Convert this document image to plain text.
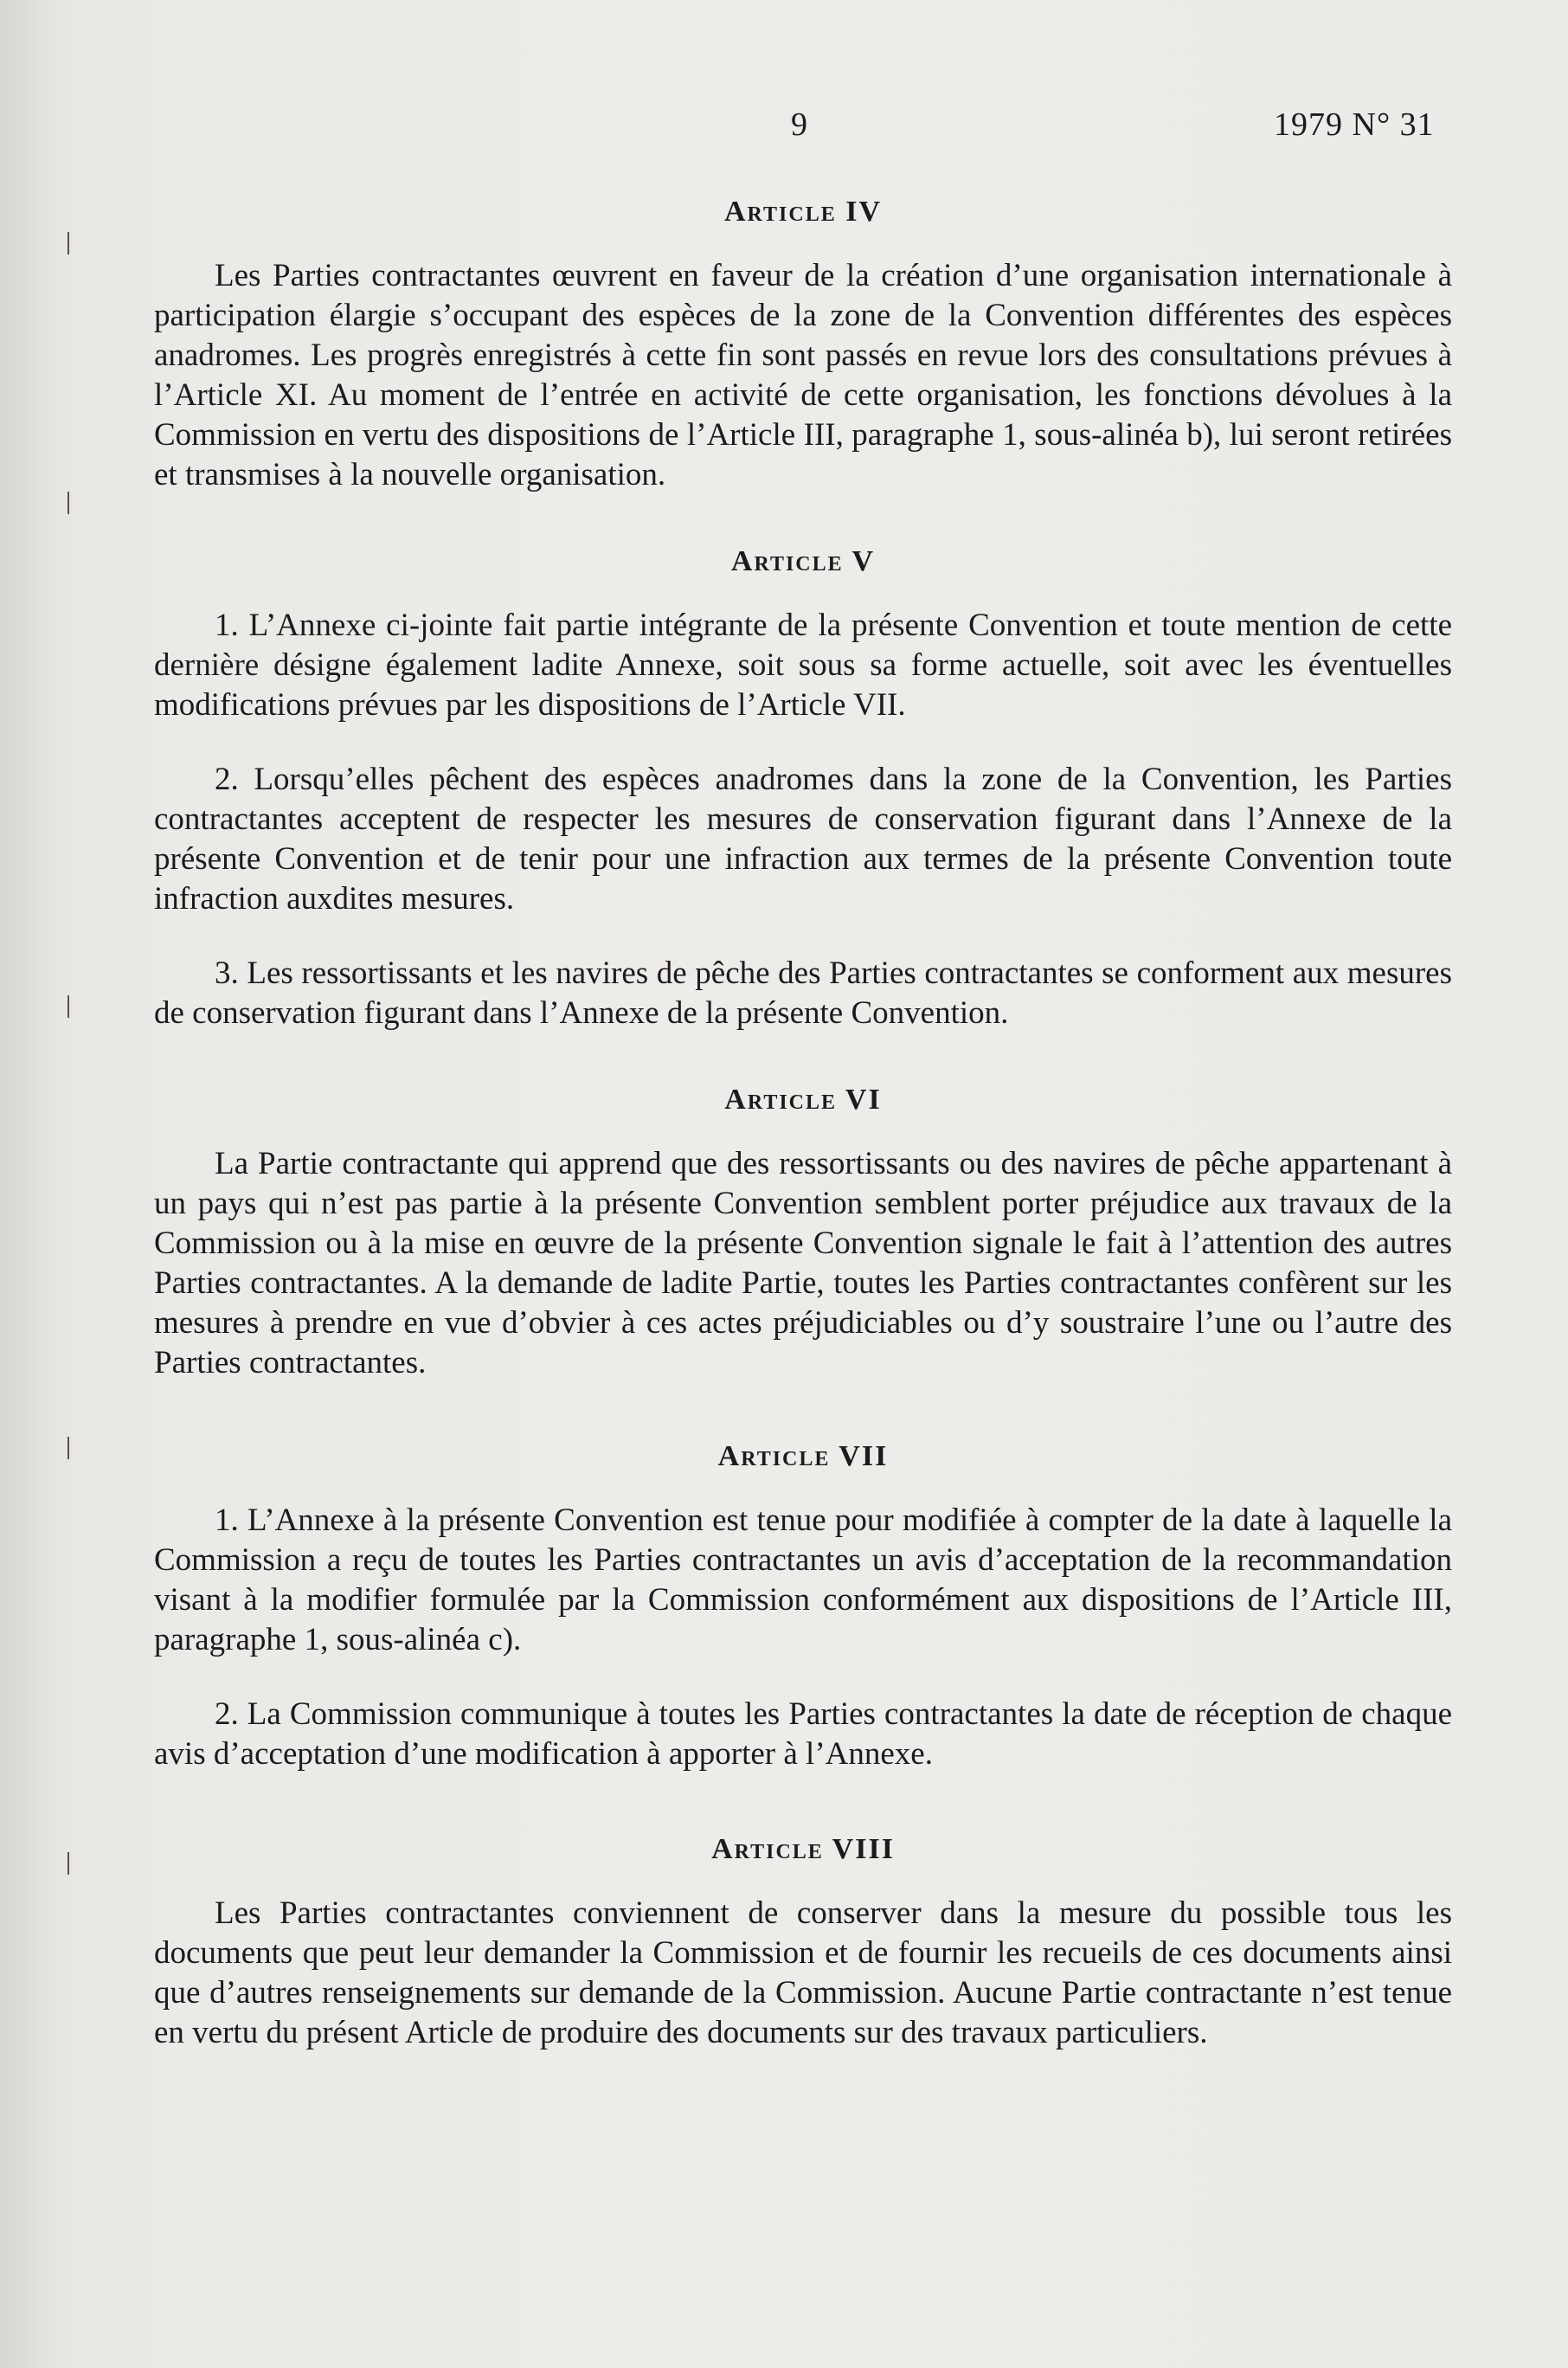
9	1979 N° 31
Article IV

Les Parties contractantes œuvrent en faveur de la création d’une organisation internationale à participation élargie s’occupant des espèces de la zone de la Convention différentes des espèces anadromes. Les progrès enregistrés à cette fin sont passés en revue lors des consultations prévues à l’Article XI. Au moment de l’entrée en activité de cette organisation, les fonctions dévolues à la Commission en vertu des dispositions de l’Article III, paragraphe 1, sous-alinéa b), lui seront retirées et transmises à la nouvelle organisation.

Article V

1. L’Annexe ci-jointe fait partie intégrante de la présente Convention et toute mention de cette dernière désigne également ladite Annexe, soit sous sa forme actuelle, soit avec les éventuelles modifications prévues par les dispositions de l’Article VII.

2. Lorsqu’elles pêchent des espèces anadromes dans la zone de la Convention, les Parties contractantes acceptent de respecter les mesures de conservation figurant dans l’Annexe de la présente Convention et de tenir pour une infraction aux termes de la présente Convention toute infraction auxdites mesures.

3. Les ressortissants et les navires de pêche des Parties contractantes se conforment aux mesures de conservation figurant dans l’Annexe de la présente Convention.

Article VI

La Partie contractante qui apprend que des ressortissants ou des navires de pêche appartenant à un pays qui n’est pas partie à la présente Convention semblent porter préjudice aux travaux de la Commission ou à la mise en œuvre de la présente Convention signale le fait à l’attention des autres Parties contractantes. A la demande de ladite Partie, toutes les Parties contractantes confèrent sur les mesures à prendre en vue d’obvier à ces actes préjudiciables ou d’y soustraire l’une ou l’autre des Parties contractantes.

Article VII

1. L’Annexe à la présente Convention est tenue pour modifiée à compter de la date à laquelle la Commission a reçu de toutes les Parties contractantes un avis d’acceptation de la recommandation visant à la modifier formulée par la Commission conformément aux dispositions de l’Article III, paragraphe 1, sous-alinéa c).

2. La Commission communique à toutes les Parties contractantes la date de réception de chaque avis d’acceptation d’une modification à apporter à l’Annexe.

Article VIII

Les Parties contractantes conviennent de conserver dans la mesure du possible tous les documents que peut leur demander la Commission et de fournir les recueils de ces documents ainsi que d’autres renseignements sur demande de la Commission. Aucune Partie contractante n’est tenue en vertu du présent Article de produire des documents sur des travaux particuliers.
